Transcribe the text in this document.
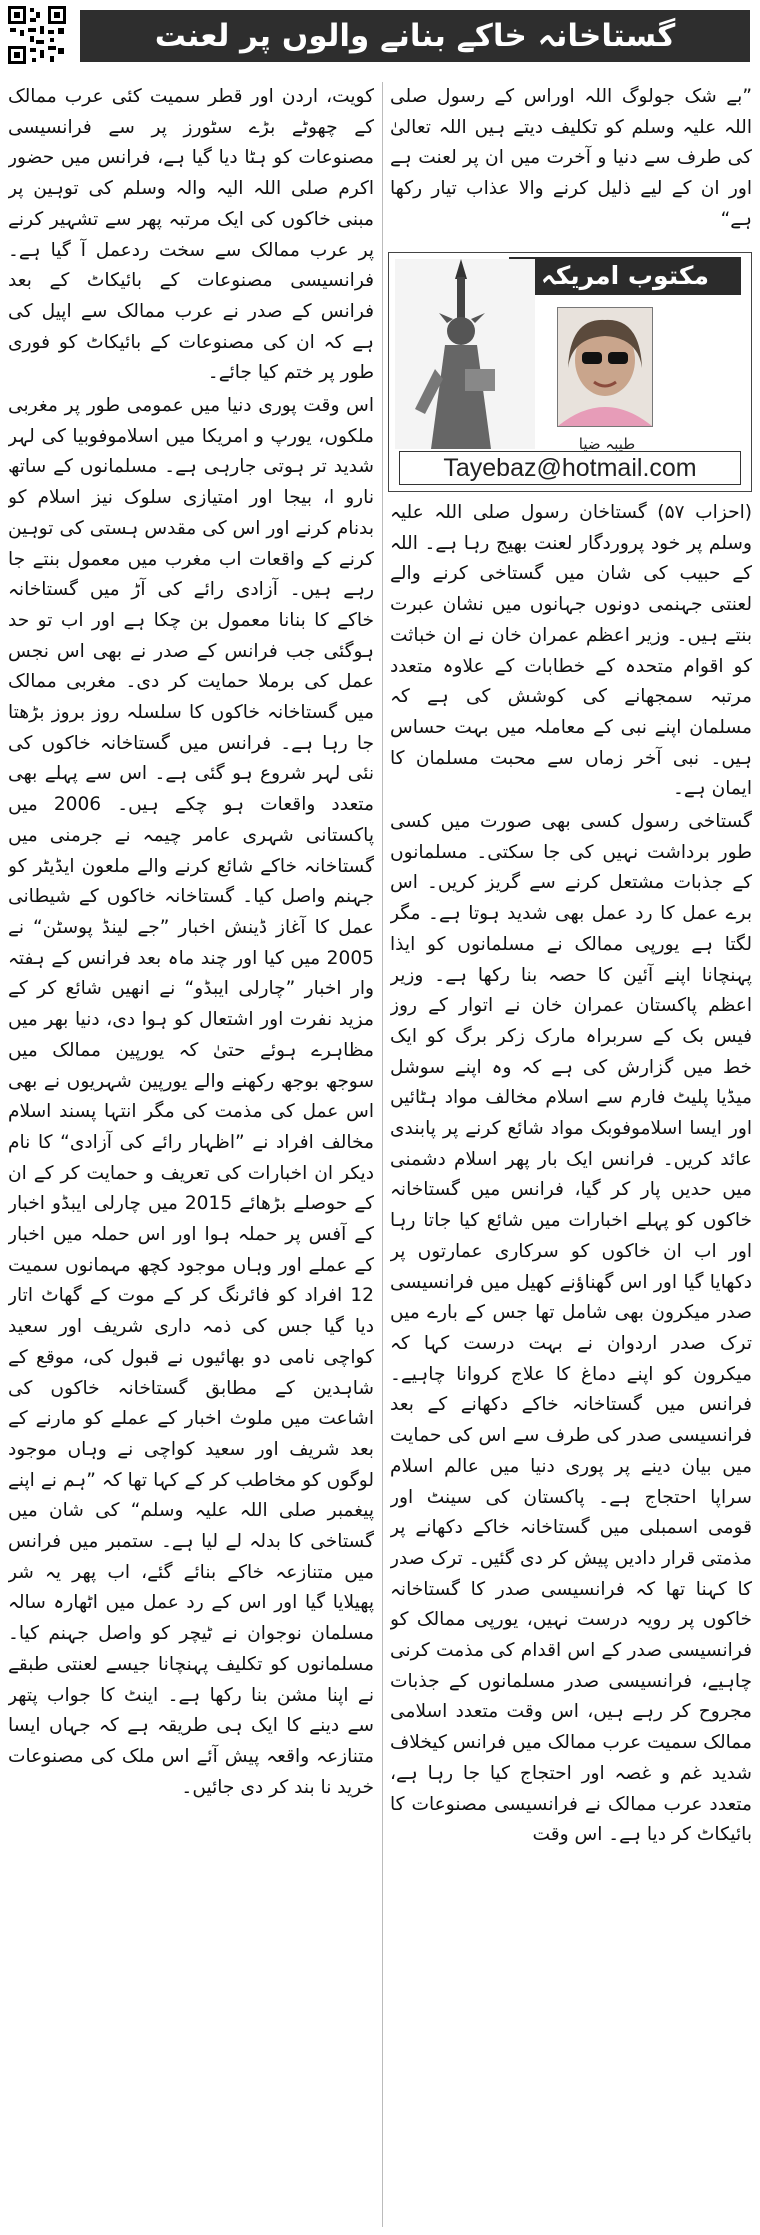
گستاخانہ خاکے بنانے والوں پر لعنت
”بے شک جولوگ اللہ اوراس کے رسول صلی اللہ علیہ وسلم کو تکلیف دیتے ہیں اللہ تعالیٰ کی طرف سے دنیا و آخرت میں ان پر لعنت ہے اور ان کے لیے ذلیل کرنے والا عذاب تیار رکھا ہے“
مکتوب امریکہ
طیبہ ضیا
Tayebaz@hotmail.com

(احزاب ۵۷) گستاخان رسول صلی اللہ علیہ وسلم پر خود پروردگار لعنت بھیج رہا ہے۔ اللہ کے حبیب کی شان میں گستاخی کرنے والے لعنتی جہنمی دونوں جہانوں میں نشان عبرت بنتے ہیں۔ وزیر اعظم عمران خان نے ان خباثت کو اقوام متحدہ کے خطابات کے علاوہ متعدد مرتبہ سمجھانے کی کوشش کی ہے کہ مسلمان اپنے نبی کے معاملہ میں بہت حساس ہیں۔ نبی آخر زماں سے محبت مسلمان کا ایمان ہے۔

گستاخی رسول کسی بھی صورت میں کسی طور برداشت نہیں کی جا سکتی۔ مسلمانوں کے جذبات مشتعل کرنے سے گریز کریں۔ اس برے عمل کا رد عمل بھی شدید ہوتا ہے۔ مگر لگتا ہے یورپی ممالک نے مسلمانوں کو ایذا پہنچانا اپنے آئین کا حصہ بنا رکھا ہے۔ وزیر اعظم پاکستان عمران خان نے اتوار کے روز فیس بک کے سربراہ مارک زکر برگ کو ایک خط میں گزارش کی ہے کہ وہ اپنے سوشل میڈیا پلیٹ فارم سے اسلام مخالف مواد ہٹائیں اور ایسا اسلاموفوبک مواد شائع کرنے پر پابندی عائد کریں۔ فرانس ایک بار پھر اسلام دشمنی میں حدیں پار کر گیا، فرانس میں گستاخانہ خاکوں کو پہلے اخبارات میں شائع کیا جاتا رہا اور اب ان خاکوں کو سرکاری عمارتوں پر دکھایا گیا اور اس گھناؤنے کھیل میں فرانسیسی صدر میکرون بھی شامل تھا جس کے بارے میں ترک صدر اردوان نے بہت درست کہا کہ میکرون کو اپنے دماغ کا علاج کروانا چاہیے۔ فرانس میں گستاخانہ خاکے دکھانے کے بعد فرانسیسی صدر کی طرف سے اس کی حمایت میں بیان دینے پر پوری دنیا میں عالم اسلام سراپا احتجاج ہے۔ پاکستان کی سینٹ اور قومی اسمبلی میں گستاخانہ خاکے دکھانے پر مذمتی قرار دادیں پیش کر دی گئیں۔ ترک صدر کا کہنا تھا کہ فرانسیسی صدر کا گستاخانہ خاکوں پر رویہ درست نہیں، یورپی ممالک کو فرانسیسی صدر کے اس اقدام کی مذمت کرنی چاہیے، فرانسیسی صدر مسلمانوں کے جذبات مجروح کر رہے ہیں، اس وقت متعدد اسلامی ممالک سمیت عرب ممالک میں فرانس کیخلاف شدید غم و غصہ اور احتجاج کیا جا رہا ہے، متعدد عرب ممالک نے فرانسیسی مصنوعات کا بائیکاٹ کر دیا ہے۔ اس وقت

کویت، اردن اور قطر سمیت کئی عرب ممالک کے چھوٹے بڑے سٹورز پر سے فرانسیسی مصنوعات کو ہٹا دیا گیا ہے، فرانس میں حضور اکرم صلی اللہ الیہ والہ وسلم کی توہین پر مبنی خاکوں کی ایک مرتبہ پھر سے تشہیر کرنے پر عرب ممالک سے سخت ردعمل آ گیا ہے۔ فرانسیسی مصنوعات کے بائیکاٹ کے بعد فرانس کے صدر نے عرب ممالک سے اپیل کی ہے کہ ان کی مصنوعات کے بائیکاٹ کو فوری طور پر ختم کیا جائے۔

اس وقت پوری دنیا میں عمومی طور پر مغربی ملکوں، یورپ و امریکا میں اسلاموفوبیا کی لہر شدید تر ہوتی جارہی ہے۔ مسلمانوں کے ساتھ نارو ا، بیجا اور امتیازی سلوک نیز اسلام کو بدنام کرنے اور اس کی مقدس ہستی کی توہین کرنے کے واقعات اب مغرب میں معمول بنتے جا رہے ہیں۔ آزادی رائے کی آڑ میں گستاخانہ خاکے کا بنانا معمول بن چکا ہے اور اب تو حد ہوگئی جب فرانس کے صدر نے بھی اس نجس عمل کی برملا حمایت کر دی۔ مغربی ممالک میں گستاخانہ خاکوں کا سلسلہ روز بروز بڑھتا جا رہا ہے۔ فرانس میں گستاخانہ خاکوں کی نئی لہر شروع ہو گئی ہے۔ اس سے پہلے بھی متعدد واقعات ہو چکے ہیں۔ 2006 میں پاکستانی شہری عامر چیمہ نے جرمنی میں گستاخانہ خاکے شائع کرنے والے ملعون ایڈیٹر کو جہنم واصل کیا۔ گستاخانہ خاکوں کے شیطانی عمل کا آغاز ڈینش اخبار ”جے لینڈ پوسٹن“ نے 2005 میں کیا اور چند ماہ بعد فرانس کے ہفتہ وار اخبار ”چارلی ایبڈو“ نے انھیں شائع کر کے مزید نفرت اور اشتعال کو ہوا دی، دنیا بھر میں مظاہرے ہوئے حتیٰ کہ یورپین ممالک میں سوجھ بوجھ رکھنے والے یورپین شہریوں نے بھی اس عمل کی مذمت کی مگر انتہا پسند اسلام مخالف افراد نے ”اظہار رائے کی آزادی“ کا نام دیکر ان اخبارات کی تعریف و حمایت کر کے ان کے حوصلے بڑھائے 2015 میں چارلی ایبڈو اخبار کے آفس پر حملہ ہوا اور اس حملہ میں اخبار کے عملے اور وہاں موجود کچھ مہمانوں سمیت 12 افراد کو فائرنگ کر کے موت کے گھاٹ اتار دیا گیا جس کی ذمہ داری شریف اور سعید کواچی نامی دو بھائیوں نے قبول کی، موقع کے شاہدین کے مطابق گستاخانہ خاکوں کی اشاعت میں ملوث اخبار کے عملے کو مارنے کے بعد شریف اور سعید کواچی نے وہاں موجود لوگوں کو مخاطب کر کے کہا تھا کہ ”ہم نے اپنے پیغمبر صلی اللہ علیہ وسلم“ کی شان میں گستاخی کا بدلہ لے لیا ہے۔ ستمبر میں فرانس میں متنازعہ خاکے بنائے گئے، اب پھر یہ شر پھیلایا گیا اور اس کے رد عمل میں اٹھارہ سالہ مسلمان نوجوان نے ٹیچر کو واصل جہنم کیا۔ مسلمانوں کو تکلیف پہنچانا جیسے لعنتی طبقے نے اپنا مشن بنا رکھا ہے۔ اینٹ کا جواب پتھر سے دینے کا ایک ہی طریقہ ہے کہ جہاں ایسا متنازعہ واقعہ پیش آئے اس ملک کی مصنوعات خرید نا بند کر دی جائیں۔
